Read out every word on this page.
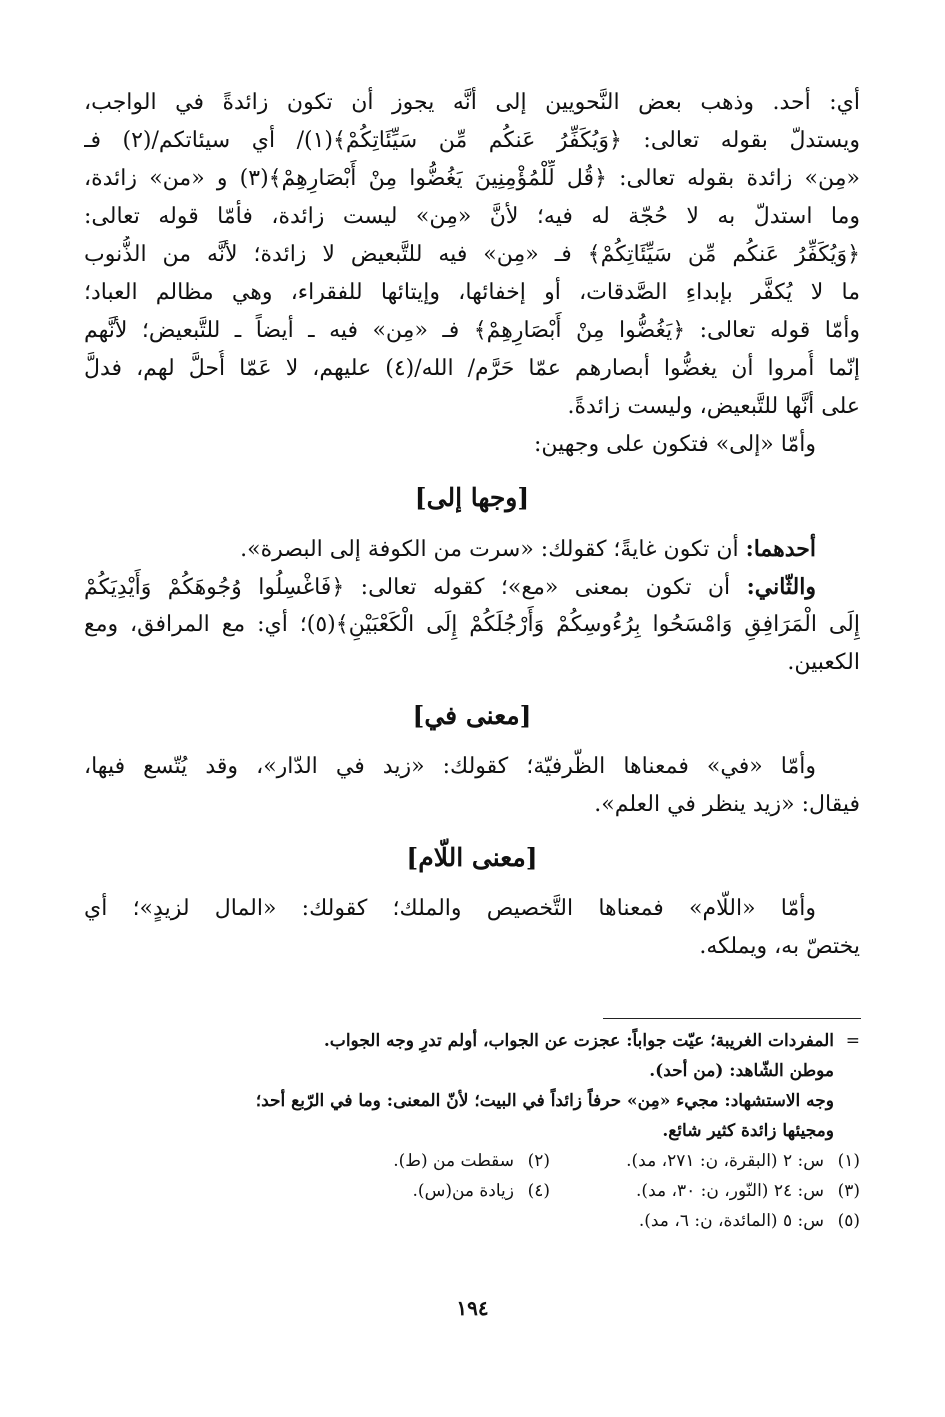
أي: أحد. وذهب بعض النَّحويين إلى أنَّه يجوز أن تكون زائدةً في الواجب،
ويستدلّ بقوله تعالى: ﴿وَيُكَفِّرُ عَنكُم مِّن سَيِّئَاتِكُمْ﴾(١)/ أي سيئاتكم/(٢) فـ
«مِن» زائدة بقوله تعالى: ﴿قُل لِّلْمُؤْمِنِينَ يَغُضُّوا مِنْ أَبْصَارِهِمْ﴾(٣) و «من» زائدة،
وما استدلّ به لا حُجّة له فيه؛ لأنَّ «مِن» ليست زائدة، فأمّا قوله تعالى:
﴿وَيُكَفِّرُ عَنكُم مِّن سَيِّئَاتِكُمْ﴾ فـ «مِن» فيه للتَّبعيض لا زائدة؛ لأنَّه من الذُّنوب
ما لا يُكفَّر بإبداءِ الصَّدقات، أو إخفائها، وإيتائها للفقراء، وهي مظالم العباد؛
وأمّا قوله تعالى: ﴿يَغُضُّوا مِنْ أَبْصَارِهِمْ﴾ فـ «مِن» فيه ـ أيضاً ـ للتَّبعيض؛ لأنَّهم
إنّما أُمروا أن يغضُّوا أبصارهم عمّا حَرَّم/ الله/(٤) عليهم، لا عَمّا أُحلَّ لهم، فدلَّ
على أنَّها للتَّبعيض، وليست زائدةً.
وأمّا «إلى» فتكون على وجهين:
[وجها إلى]
أحدهما: أن تكون غايةً؛ كقولك: «سرت من الكوفة إلى البصرة».
والثّاني: أن تكون بمعنى «مع»؛ كقوله تعالى: ﴿فَاغْسِلُوا وُجُوهَكُمْ وَأَيْدِيَكُمْ
إِلَى الْمَرَافِقِ وَامْسَحُوا بِرُءُوسِكُمْ وَأَرْجُلَكُمْ إِلَى الْكَعْبَيْنِ﴾(٥)؛ أي: مع المرافق، ومع
الكعبين.
[معنى في]
وأمّا «في» فمعناها الظّرفيّة؛ كقولك: «زيد في الدّار»، وقد يُتّسع فيها،
فيقال: «زيد ينظر في العلم».
[معنى اللّام]
وأمّا «اللّام» فمعناها التَّخصيص والملك؛ كقولك: «المال لزيدٍ»؛ أي
يختصّ به، ويملكه.
=المفردات الغريبة؛ عيّت جواباً: عجزت عن الجواب، أولم تدرِ وجه الجواب.
موطن الشّاهد: (من أحد).
وجه الاستشهاد: مجيء «مِن» حرفاً زائداً في البيت؛ لأنّ المعنى: وما في الرّبع أحد؛
ومجيئها زائدة كثير شائع.
(١)س: ٢ (البقرة، ن: ٢٧١، مد).
(٢)سقطت من (ط).
(٣)س: ٢٤ (النّور، ن: ٣٠، مد).
(٤)زيادة من(س).
(٥)س: ٥ (المائدة، ن: ٦، مد).
١٩٤
